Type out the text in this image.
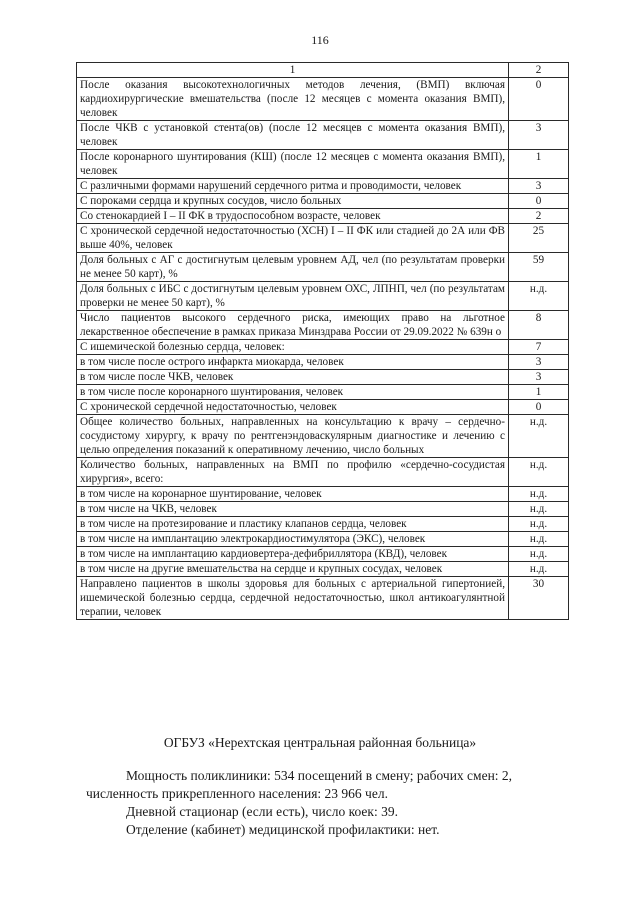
116
1	2
После оказания высокотехнологичных методов лечения, (ВМП) включая кардиохирургические вмешательства (после 12 месяцев с момента оказания ВМП), человек	0
После ЧКВ с установкой стента(ов) (после 12 месяцев с момента оказания ВМП), человек	3
После коронарного шунтирования (КШ) (после 12 месяцев с момента оказания ВМП), человек	1
С различными формами нарушений сердечного ритма и проводимости, человек	3
С пороками сердца и крупных сосудов, число больных	0
Со стенокардией I – II ФК в трудоспособном возрасте, человек	2
С хронической сердечной недостаточностью (ХСН) I – II ФК или стадией до 2А или ФВ выше 40%, человек	25
Доля больных с АГ с достигнутым целевым уровнем АД, чел (по результатам проверки не менее 50 карт), %	59
Доля больных с ИБС с достигнутым целевым уровнем ОХС, ЛПНП, чел (по результатам проверки не менее 50 карт), %	н.д.
Число пациентов высокого сердечного риска, имеющих право на льготное лекарственное обеспечение в рамках приказа Минздрава России от 29.09.2022 № 639н о	8
С ишемической болезнью сердца, человек:	7
в том числе после острого инфаркта миокарда, человек	3
в том числе после ЧКВ, человек	3
в том числе после коронарного шунтирования, человек	1
С хронической сердечной недостаточностью, человек	0
Общее количество больных, направленных на консультацию к врачу – сердечно-сосудистому хирургу, к врачу по рентгенэндоваскулярным диагностике и лечению с целью определения показаний к оперативному лечению, число больных	н.д.
Количество больных, направленных на ВМП по профилю «сердечно-сосудистая хирургия», всего:	н.д.
в том числе на коронарное шунтирование, человек	н.д.
в том числе на ЧКВ, человек	н.д.
в том числе на протезирование и пластику клапанов сердца, человек	н.д.
в том числе на имплантацию электрокардиостимулятора (ЭКС), человек	н.д.
в том числе на имплантацию кардиовертера-дефибриллятора (КВД), человек	н.д.
в том числе на другие вмешательства на сердце и крупных сосудах, человек	н.д.
Направлено пациентов в школы здоровья для больных с артериальной гипертонией, ишемической болезнью сердца, сердечной недостаточностью, школ антикоагулянтной терапии, человек	30
ОГБУЗ «Нерехтская центральная районная больница»
Мощность поликлиники: 534 посещений в смену; рабочих смен: 2,
численность прикрепленного населения: 23 966 чел.
Дневной стационар (если есть), число коек: 39.
Отделение (кабинет) медицинской профилактики: нет.
